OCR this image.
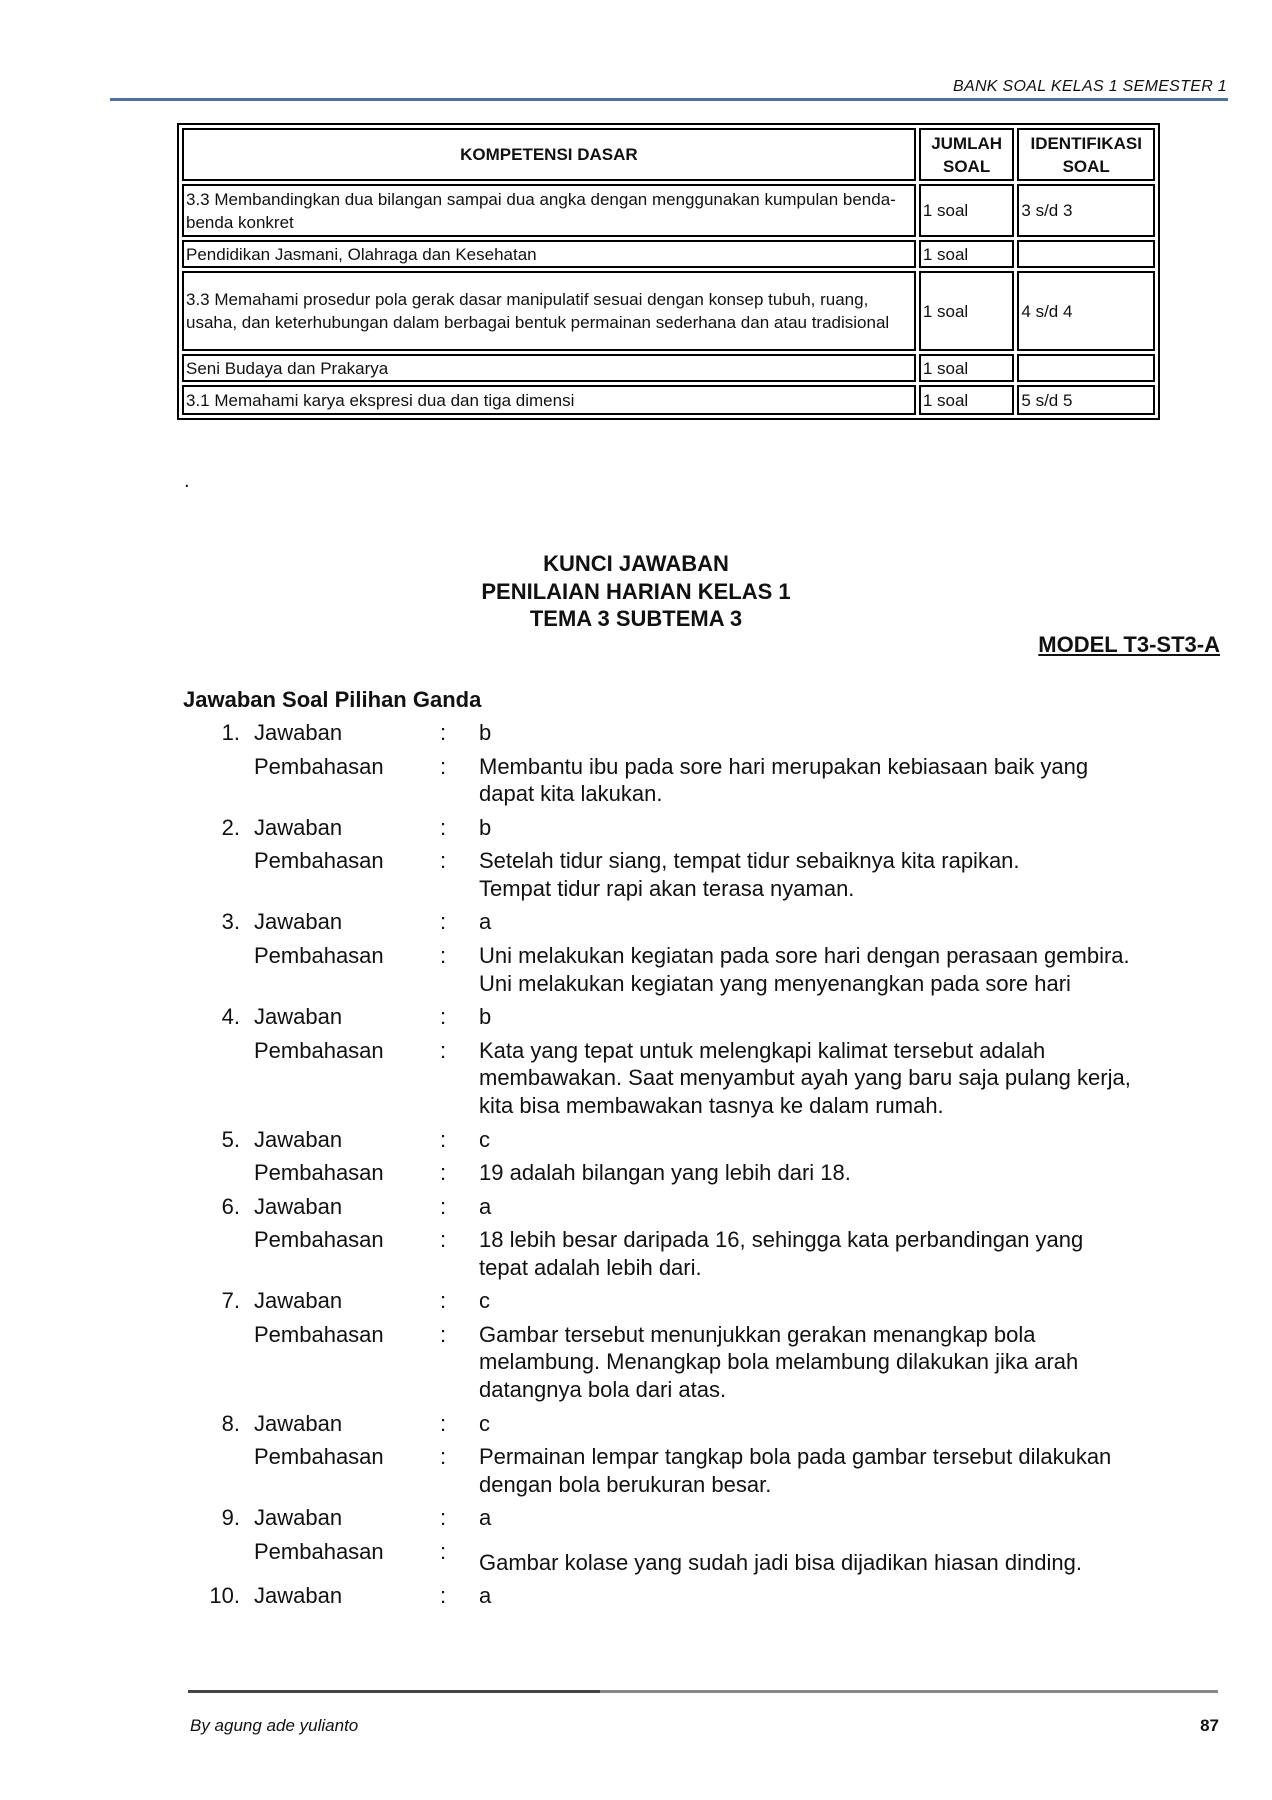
BANK SOAL KELAS 1 SEMESTER 1
KOMPETENSI DASAR	JUMLAH SOAL	IDENTIFIKASI SOAL
3.3 Membandingkan dua bilangan sampai dua angka dengan menggunakan kumpulan benda-benda konkret	1 soal	3 s/d 3
Pendidikan Jasmani, Olahraga dan Kesehatan	1 soal	
3.3 Memahami prosedur pola gerak dasar manipulatif sesuai dengan konsep tubuh, ruang, usaha, dan keterhubungan dalam berbagai bentuk permainan sederhana dan atau tradisional	1 soal	4 s/d 4
Seni Budaya dan Prakarya	1 soal	
3.1 Memahami karya ekspresi dua dan tiga dimensi	1 soal	5 s/d 5
.
KUNCI JAWABAN
PENILAIAN HARIAN KELAS 1
TEMA 3 SUBTEMA 3
MODEL T3-ST3-A
Jawaban Soal Pilihan Ganda
1. Jawaban	: b
Pembahasan	: Membantu ibu pada sore hari merupakan kebiasaan baik yang
dapat kita lakukan.
2. Jawaban	: b
Pembahasan	: Setelah tidur siang, tempat tidur sebaiknya kita rapikan.
Tempat tidur rapi akan terasa nyaman.
3. Jawaban	: a
Pembahasan	: Uni melakukan kegiatan pada sore hari dengan perasaan gembira.
Uni melakukan kegiatan yang menyenangkan pada sore hari
4. Jawaban	: b
Pembahasan	: Kata yang tepat untuk melengkapi kalimat tersebut adalah
membawakan. Saat menyambut ayah yang baru saja pulang kerja,
kita bisa membawakan tasnya ke dalam rumah.
5. Jawaban	: c
Pembahasan	: 19 adalah bilangan yang lebih dari 18.
6. Jawaban	: a
Pembahasan	: 18 lebih besar daripada 16, sehingga kata perbandingan yang
tepat adalah lebih dari.
7. Jawaban	: c
Pembahasan	: Gambar tersebut menunjukkan gerakan menangkap bola
melambung. Menangkap bola melambung dilakukan jika arah
datangnya bola dari atas.
8. Jawaban	: c
Pembahasan	: Permainan lempar tangkap bola pada gambar tersebut dilakukan
dengan bola berukuran besar.
9. Jawaban	: a
Pembahasan	: Gambar kolase yang sudah jadi bisa dijadikan hiasan dinding.
10. Jawaban	: a
By agung ade yulianto	87
